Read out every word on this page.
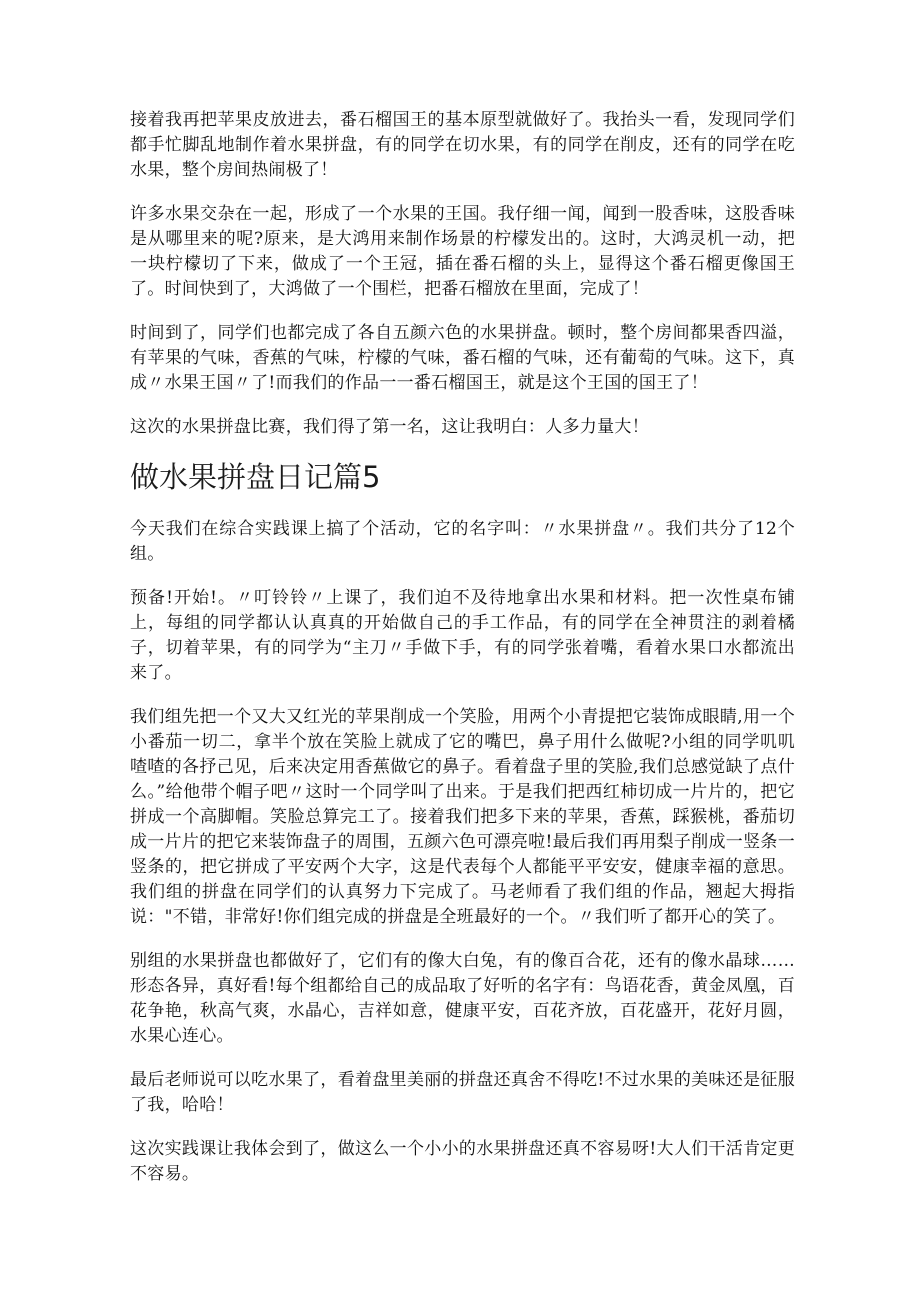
接着我再把苹果皮放进去，番石榴国王的基本原型就做好了。我抬头一看，发现同学们都手忙脚乱地制作着水果拼盘，有的同学在切水果，有的同学在削皮，还有的同学在吃水果，整个房间热闹极了！

许多水果交杂在一起，形成了一个水果的王国。我仔细一闻，闻到一股香味，这股香味是从哪里来的呢?原来，是大鸿用来制作场景的柠檬发出的。这时，大鸿灵机一动，把一块柠檬切了下来，做成了一个王冠，插在番石榴的头上，显得这个番石榴更像国王了。时间快到了，大鸿做了一个围栏，把番石榴放在里面，完成了！

时间到了，同学们也都完成了各自五颜六色的水果拼盘。顿时，整个房间都果香四溢，有苹果的气味，香蕉的气味，柠檬的气味，番石榴的气味，还有葡萄的气味。这下，真成〃水果王国〃了!而我们的作品一一番石榴国王，就是这个王国的国王了！

这次的水果拼盘比赛，我们得了第一名，这让我明白：人多力量大！

做水果拼盘日记篇5

今天我们在综合实践课上搞了个活动，它的名字叫：〃水果拼盘〃。我们共分了12个组。

预备!开始!。〃叮铃铃〃上课了，我们迫不及待地拿出水果和材料。把一次性桌布铺上，每组的同学都认认真真的开始做自己的手工作品，有的同学在全神贯注的剥着橘子，切着苹果，有的同学为“主刀〃手做下手，有的同学张着嘴，看着水果口水都流出来了。

我们组先把一个又大又红光的苹果削成一个笑脸，用两个小青提把它装饰成眼睛,用一个小番茄一切二，拿半个放在笑脸上就成了它的嘴巴，鼻子用什么做呢?小组的同学叽叽喳喳的各抒己见，后来决定用香蕉做它的鼻子。看着盘子里的笑脸,我们总感觉缺了点什么。”给他带个帽子吧〃这时一个同学叫了出来。于是我们把西红柿切成一片片的，把它拼成一个高脚帽。笑脸总算完工了。接着我们把多下来的苹果，香蕉，踩猴桃，番茄切成一片片的把它来装饰盘子的周围，五颜六色可漂亮啦!最后我们再用梨子削成一竖条一竖条的，把它拼成了平安两个大字，这是代表每个人都能平平安安，健康幸福的意思。我们组的拼盘在同学们的认真努力下完成了。马老师看了我们组的作品，翘起大拇指说："不错，非常好!你们组完成的拼盘是全班最好的一个。〃我们听了都开心的笑了。

别组的水果拼盘也都做好了，它们有的像大白兔，有的像百合花，还有的像水晶球……形态各异，真好看!每个组都给自己的成品取了好听的名字有：鸟语花香，黄金凤凰，百花争艳，秋高气爽，水晶心，吉祥如意，健康平安，百花齐放，百花盛开，花好月圆，水果心连心。

最后老师说可以吃水果了，看着盘里美丽的拼盘还真舍不得吃!不过水果的美味还是征服了我，哈哈！

这次实践课让我体会到了，做这么一个小小的水果拼盘还真不容易呀!大人们干活肯定更不容易。
